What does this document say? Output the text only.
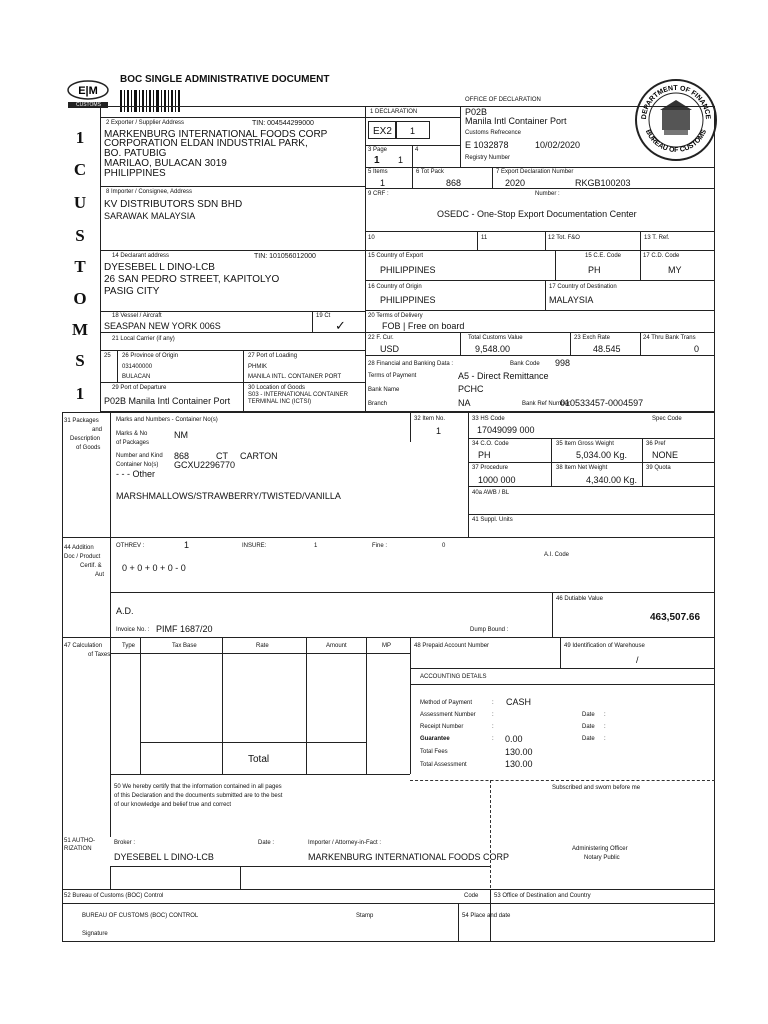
E|M
CUSTOMS
BOC SINGLE ADMINISTRATIVE DOCUMENT
OFFICE OF DECLARATION
P02B
Manila Intl Container Port
Customs Refrecence
E 1032878	10/02/2020
Registry Number
DEPARTMENT OF FINANCE
BUREAU OF CUSTOMS
1
C
U
S
T
O
M
S
1
2 Exporter / Supplier Address	TIN: 004544299000
MARKENBURG INTERNATIONAL FOODS CORP
CORPORATION ELDAN INDUSTRIAL PARK,
BO. PATUBIG
MARILAO, BULACAN 3019
PHILIPPINES
1 DECLARATION
EX2 1
3 Page
1 1
4
5 Items
1
6 Tot Pack
868
7 Export Declaration Number
2020	RKGB100203
8 Importer / Consignee, Address
KV DISTRIBUTORS SDN BHD
SARAWAK MALAYSIA
9 CRF :	Number :
OSEDC - One-Stop Export Documentation Center
10	11	12 Tot. F&O	13 T. Ref.
14 Declarant address	TIN: 101056012000
DYESEBEL L DINO-LCB
26 SAN PEDRO STREET, KAPITOLYO
PASIG CITY
15 Country of Export
PHILIPPINES
15 C.E. Code
PH
17 C.D. Code
MY
16 Country of Origin
PHILIPPINES
17 Country of Destination
MALAYSIA
18 Vessel / Aircraft
SEASPAN NEW YORK 006S
19 Ct
✓
20 Terms of Delivery
FOB | Free on board
21 Local Carrier (if any)	22 F. Cur.
USD
Total Customs Value
9,548.00
23 Exch Rate
48.545
24 Thru Bank Trans
0
25 26 Province of Origin
031400000
BULACAN
27 Port of Loading
PHMIK
MANILA INTL. CONTAINER PORT
28 Financial and Banking Data :	Bank Code 998
Terms of Payment	A5 - Direct Remittance
Bank Name	PCHC
Branch	NA	Bank Ref Number:
010533457-0004597
29 Port of Departure
P02B Manila Intl Container Port
30 Location of Goods
S03 - INTERNATIONAL CONTAINER TERMINAL INC (ICTSI)
31 Packages
and
Description
of Goods
Marks and Numbers - Container No(s)
Marks & No	NM
of Packages
Number and Kind 868	CT CARTON
Container No(s) GCXU2296770
- - - Other
MARSHMALLOWS/STRAWBERRY/TWISTED/VANILLA
32 Item No.
1
33 HS Code	Spec Code
17049099 000
34 C.O. Code
PH
35 Item Gross Weight
5,034.00 Kg.
36 Pref
NONE
37 Procedure
1000 000
38 Item Net Weight
4,340.00 Kg.
39 Quota
40a AWB / BL
41 Suppl. Units
44 Addition
Doc / Product
Certif. &
Aut
OTHREV :	1	INSURE:	1	Fine :	0
0 + 0 + 0 + 0 - 0
A.I. Code
A.D.
Invoice No. : PIMF 1687/20	Dump Bound :
46 Dutiable Value
463,507.66
47 Calculation
of Taxes
Type	Tax Base	Rate	Amount	MP
Total
48 Prepaid Account Number	49 Identification of Warehouse
/
ACCOUNTING DETAILS
Method of Payment	: CASH
Assessment Number	:	Date :
Receipt Number	:	Date :
Guarantee	: 0.00	Date :
Total Fees	130.00
Total Assessment	130.00
50 We hereby certify that the information contained in all pages
of this Declaration and the documents submitted are to the best
of our knowledge and belief true and correct
Subscribed and sworn before me
51 AUTHO-
RIZATION
Broker :
DYESEBEL L DINO-LCB
Date :	Importer / Attorney-in-Fact :
MARKENBURG INTERNATIONAL FOODS CORP
Administering Officer
Notary Public
52 Bureau of Customs (BOC) Control	Code	53 Office of Destination and Country
BUREAU OF CUSTOMS (BOC) CONTROL	Stamp	54 Place and date
Signature
